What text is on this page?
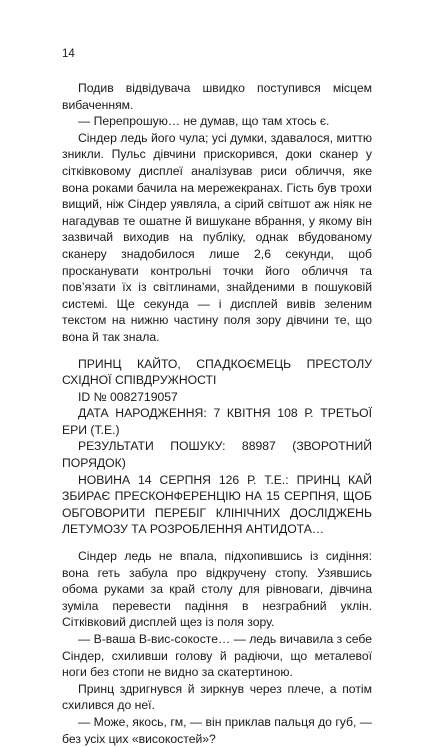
14

Подив відвідувача швидко поступився місцем вибаченням.

— Перепрошую… не думав, що там хтось є.

Сіндер ледь його чула; усі думки, здавалося, миттю зникли. Пульс дівчини прискорився, доки сканер у сітківковому дисплеї аналізував риси обличчя, яке вона роками бачила на мережекранах. Гість був трохи вищий, ніж Сіндер уявляла, а сірий світшот аж ніяк не нагадував те ошатне й вишукане вбрання, у якому він зазвичай виходив на публіку, однак вбудованому сканеру знадобилося лише 2,6 секунди, щоб просканувати контрольні точки його обличчя та пов’язати їх із світлинами, знайденими в пошуковій системі. Ще секунда — і дисплей вивів зеленим текстом на нижню частину поля зору дівчини те, що вона й так знала.

ПРИНЦ КАЙТО, СПАДКОЄМЕЦЬ ПРЕСТОЛУ СХІДНОЇ СПІВДРУЖНОСТІ

ID № 0082719057

ДАТА НАРОДЖЕННЯ: 7 КВІТНЯ 108 Р. ТРЕТЬОЇ ЕРИ (Т.Е.)

РЕЗУЛЬТАТИ ПОШУКУ: 88987 (ЗВОРОТНИЙ ПОРЯДОК)

НОВИНА 14 СЕРПНЯ 126 Р. Т.Е.: ПРИНЦ КАЙ ЗБИРАЄ ПРЕСКОНФЕРЕНЦІЮ НА 15 СЕРПНЯ, ЩОБ ОБГОВОРИТИ ПЕРЕБІГ КЛІНІЧНИХ ДОСЛІДЖЕНЬ ЛЕТУМОЗУ ТА РОЗРОБЛЕННЯ АНТИДОТА…

Сіндер ледь не впала, підхопившись із сидіння: вона геть забула про відкручену стопу. Узявшись обома руками за край столу для рівноваги, дівчина зуміла перевести падіння в незграбний уклін. Сітківковий дисплей щез із поля зору.

— В-ваша В-вис-сокосте… — ледь вичавила з себе Сіндер, схиливши голову й радіючи, що металевої ноги без стопи не видно за скатертиною.

Принц здригнувся й зиркнув через плече, а потім схилився до неї.

— Може, якось, гм, — він приклав пальця до губ, — без усіх цих «високостей»?
